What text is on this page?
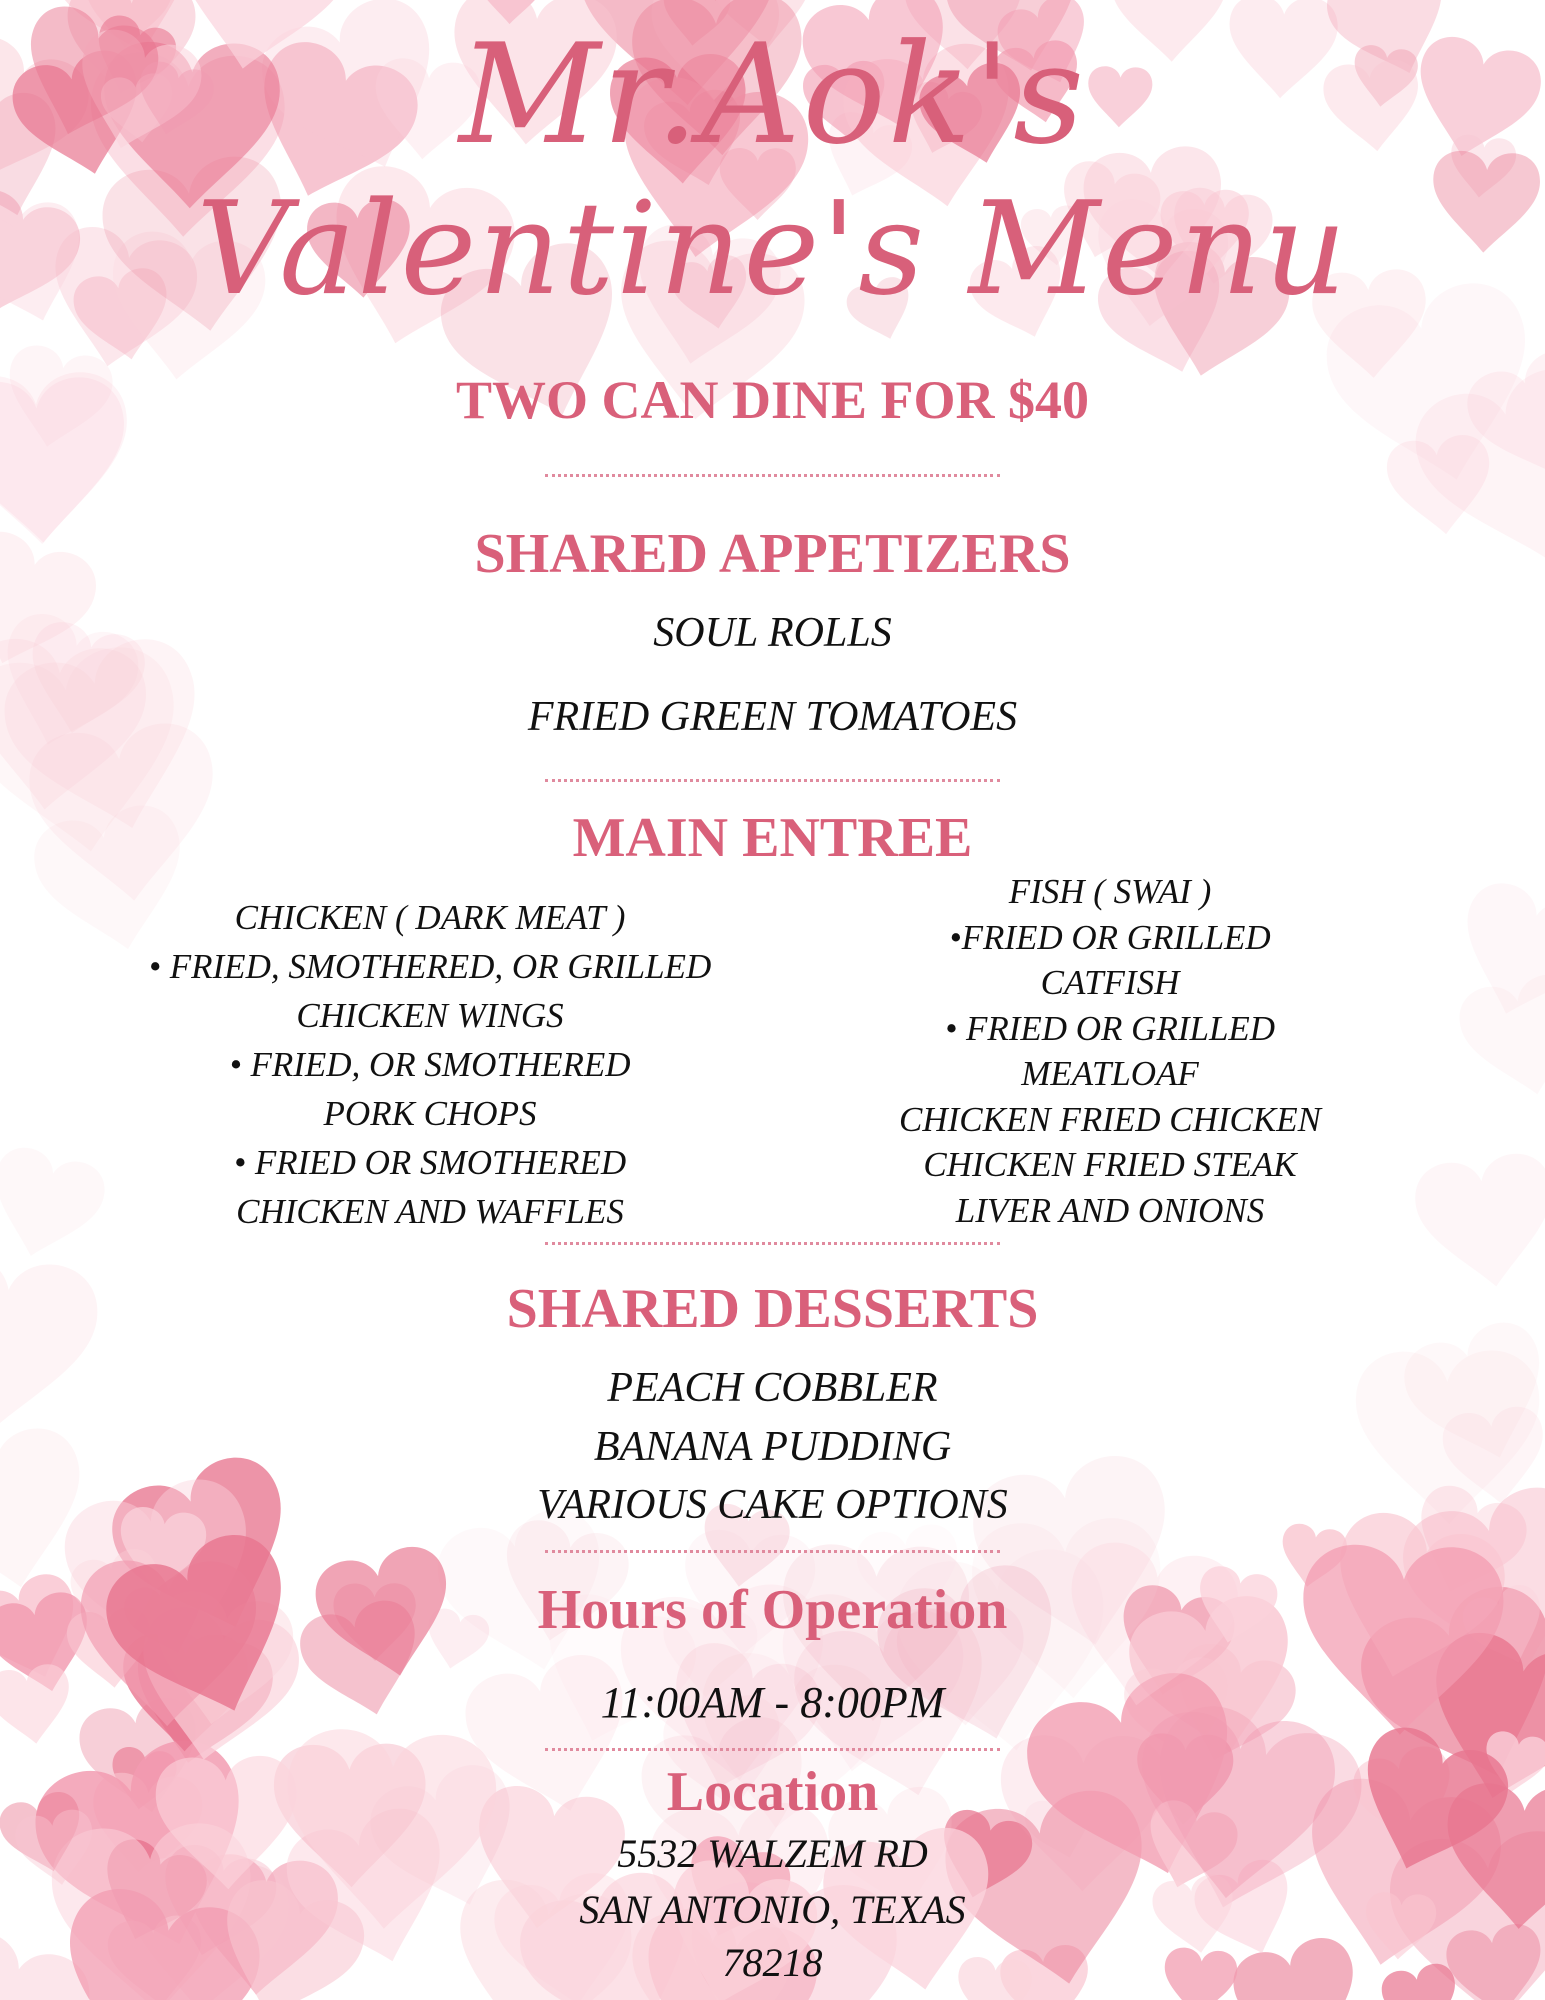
Mr.Aok's
Valentine's Menu
TWO CAN DINE FOR $40
SHARED APPETIZERS
SOUL ROLLS
FRIED GREEN TOMATOES
MAIN ENTREE
CHICKEN ( DARK MEAT )
• FRIED, SMOTHERED, OR GRILLED
CHICKEN WINGS
• FRIED, OR SMOTHERED
PORK CHOPS
• FRIED OR SMOTHERED
CHICKEN AND WAFFLES
FISH ( SWAI )
•FRIED OR GRILLED
CATFISH
• FRIED OR GRILLED
MEATLOAF
CHICKEN FRIED CHICKEN
CHICKEN FRIED STEAK
LIVER AND ONIONS
SHARED DESSERTS
PEACH COBBLER
BANANA PUDDING
VARIOUS CAKE OPTIONS
Hours of Operation
11:00AM - 8:00PM
Location
5532 WALZEM RD
SAN ANTONIO, TEXAS
78218
